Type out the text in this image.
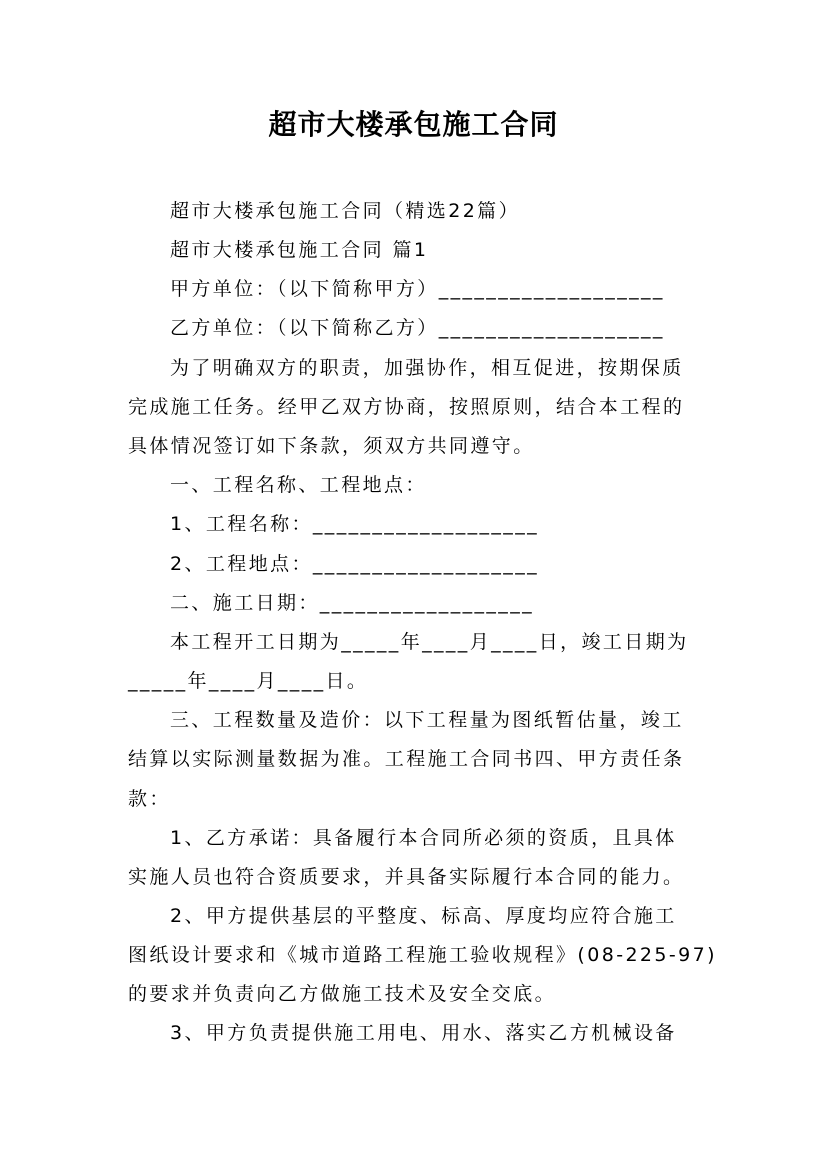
超市大楼承包施工合同
超市大楼承包施工合同（精选22篇）
超市大楼承包施工合同 篇1
甲方单位：（以下简称甲方）___________________
乙方单位：（以下简称乙方）___________________
为了明确双方的职责，加强协作，相互促进，按期保质
完成施工任务。经甲乙双方协商，按照原则，结合本工程的
具体情况签订如下条款，须双方共同遵守。
一、工程名称、工程地点：
1、工程名称：___________________
2、工程地点：___________________
二、施工日期：__________________
本工程开工日期为_____年____月____日，竣工日期为
_____年____月____日。
三、工程数量及造价：以下工程量为图纸暂估量，竣工
结算以实际测量数据为准。工程施工合同书四、甲方责任条
款：
1、乙方承诺：具备履行本合同所必须的资质，且具体
实施人员也符合资质要求，并具备实际履行本合同的能力。
2、甲方提供基层的平整度、标高、厚度均应符合施工
图纸设计要求和《城市道路工程施工验收规程》(08-225-97)
的要求并负责向乙方做施工技术及安全交底。
3、甲方负责提供施工用电、用水、落实乙方机械设备
